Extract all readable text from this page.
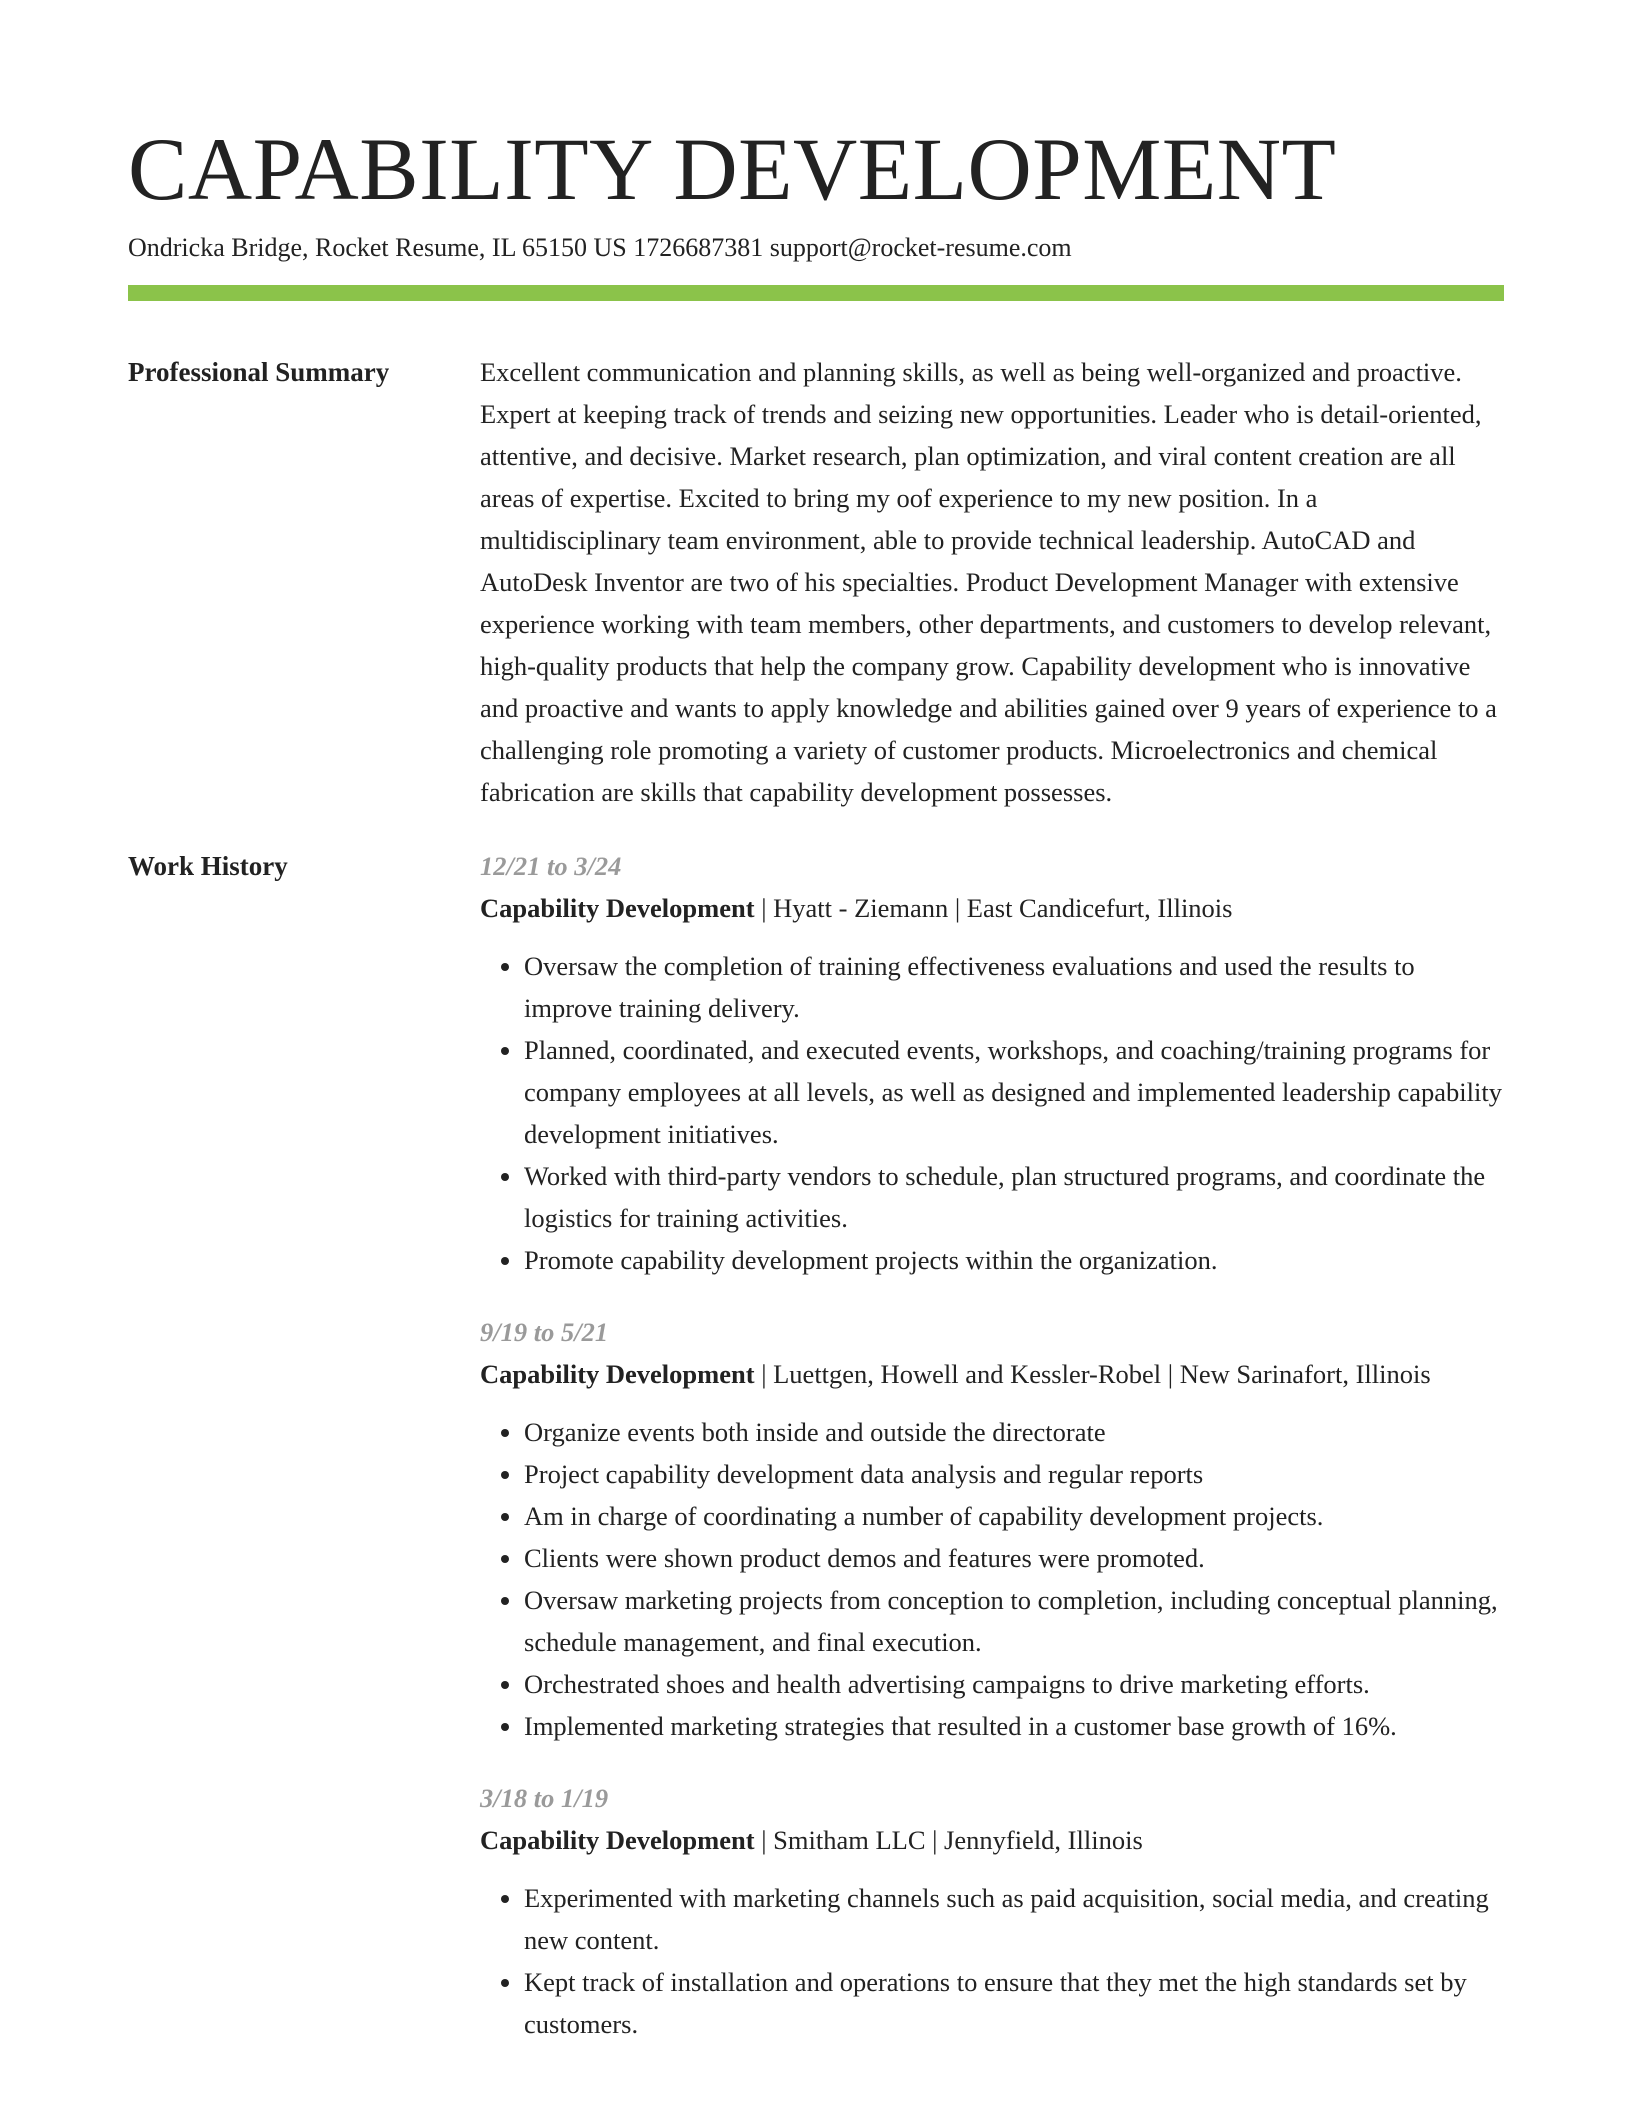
CAPABILITY DEVELOPMENT
Ondricka Bridge, Rocket Resume, IL 65150 US 1726687381 support@rocket-resume.com
Professional Summary	Excellent communication and planning skills, as well as being well-organized and proactive. Expert at keeping track of trends and seizing new opportunities. Leader who is detail-oriented, attentive, and decisive. Market research, plan optimization, and viral content creation are all areas of expertise. Excited to bring my oof experience to my new position. In a multidisciplinary team environment, able to provide technical leadership. AutoCAD and AutoDesk Inventor are two of his specialties. Product Development Manager with extensive experience working with team members, other departments, and customers to develop relevant, high-quality products that help the company grow. Capability development who is innovative and proactive and wants to apply knowledge and abilities gained over 9 years of experience to a challenging role promoting a variety of customer products. Microelectronics and chemical fabrication are skills that capability development possesses.

Work History	12/21 to 3/24

Capability Development | Hyatt - Ziemann | East Candicefurt, Illinois

• Oversaw the completion of training effectiveness evaluations and used the results to improve training delivery.
• Planned, coordinated, and executed events, workshops, and coaching/training programs for company employees at all levels, as well as designed and implemented leadership capability development initiatives.
• Worked with third-party vendors to schedule, plan structured programs, and coordinate the logistics for training activities.
• Promote capability development projects within the organization.
9/19 to 5/21

Capability Development | Luettgen, Howell and Kessler-Robel | New Sarinafort, Illinois

• Organize events both inside and outside the directorate
• Project capability development data analysis and regular reports
• Am in charge of coordinating a number of capability development projects.
• Clients were shown product demos and features were promoted.
• Oversaw marketing projects from conception to completion, including conceptual planning, schedule management, and final execution.
• Orchestrated shoes and health advertising campaigns to drive marketing efforts.
• Implemented marketing strategies that resulted in a customer base growth of 16%.
3/18 to 1/19

Capability Development | Smitham LLC | Jennyfield, Illinois

• Experimented with marketing channels such as paid acquisition, social media, and creating new content.
• Kept track of installation and operations to ensure that they met the high standards set by customers.
